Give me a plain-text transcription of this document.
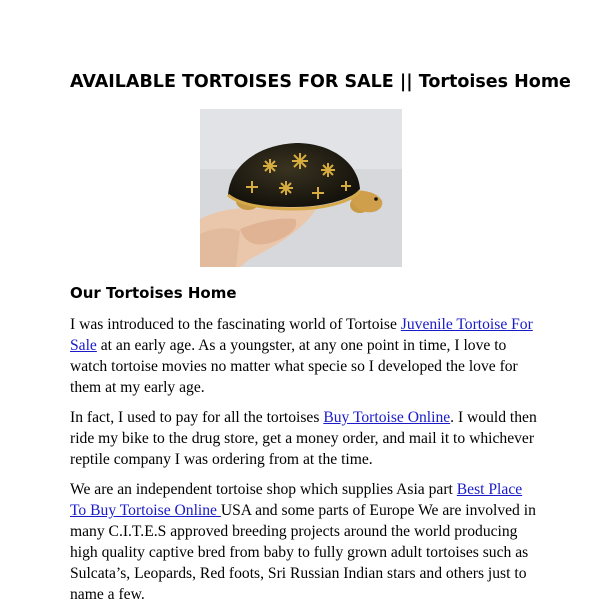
AVAILABLE TORTOISES FOR SALE || Tortoises Home
Our Tortoises Home

I was introduced to the fascinating world of Tortoise Juvenile Tortoise For Sale at an early age. As a youngster, at any one point in time, I love to watch tortoise movies no matter what specie so I developed the love for them at my early age.

In fact, I used to pay for all the tortoises Buy Tortoise Online. I would then ride my bike to the drug store, get a money order, and mail it to whichever reptile company I was ordering from at the time.

We are an independent tortoise shop which supplies Asia part Best Place To Buy Tortoise Online USA and some parts of Europe We are involved in many C.I.T.E.S approved breeding projects around the world producing high quality captive bred from baby to fully grown adult tortoises such as Sulcata’s, Leopards, Red foots, Sri Russian Indian stars and others just to name a few.
